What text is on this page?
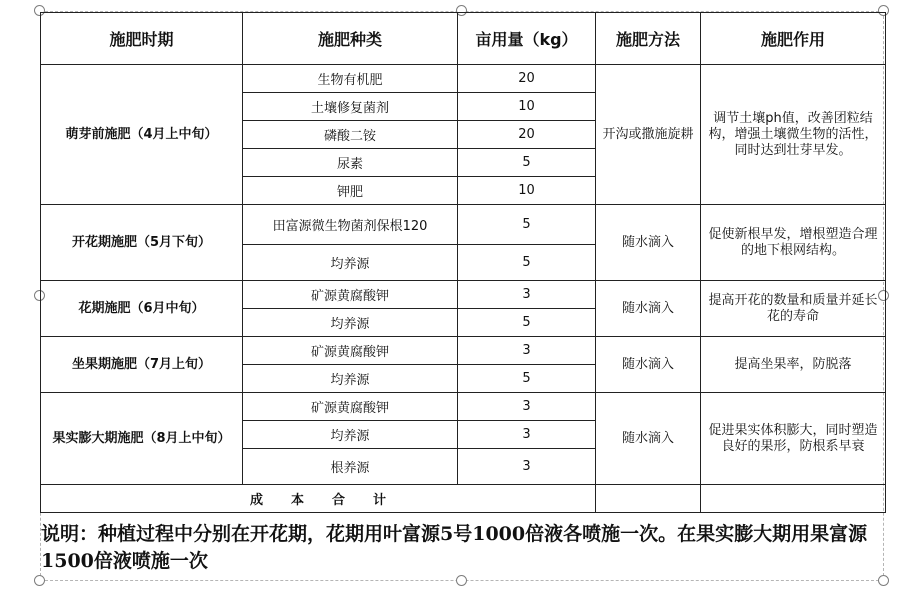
施肥时期	施肥种类	亩用量（kg）	施肥方法	施肥作用
萌芽前施肥（4月上中旬）	生物有机肥	20	开沟或撒施旋耕	调节土壤ph值，改善团粒结构，增强土壤微生物的活性，同时达到壮芽早发。
	土壤修复菌剂	10		
	磷酸二铵	20		
	尿素	5		
	钾肥	10		
开花期施肥（5月下旬）	田富源微生物菌剂保根120	5	随水滴入	促使新根早发，增根塑造合理的地下根网结构。
	均养源	5		
花期施肥（6月中旬）	矿源黄腐酸钾	3	随水滴入	提高开花的数量和质量并延长花的寿命
	均养源	5		
坐果期施肥（7月上旬）	矿源黄腐酸钾	3	随水滴入	提高坐果率，防脱落
	均养源	5		
果实膨大期施肥（8月上中旬）	矿源黄腐酸钾	3	随水滴入	促进果实体积膨大，同时塑造良好的果形，防根系早衰
	均养源	3		
	根养源	3		
成 本 合 计				

说明：种植过程中分别在开花期，花期用叶富源5号1000倍液各喷施一次。在果实膨大期用果富源1500倍液喷施一次
